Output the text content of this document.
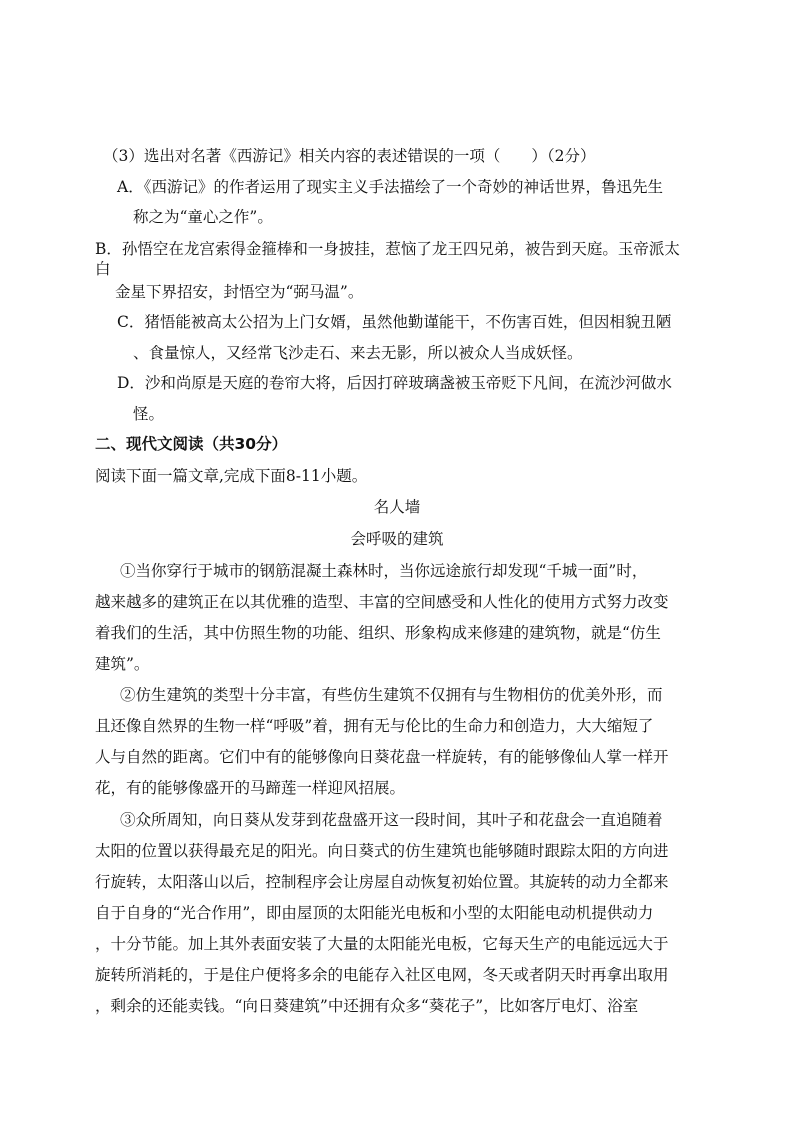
（3）选出对名著《西游记》相关内容的表述错误的一项（　　）（2分）
A．《西游记》的作者运用了现实主义手法描绘了一个奇妙的神话世界，鲁迅先生
称之为“童心之作”。
B．孙悟空在龙宫索得金箍棒和一身披挂，惹恼了龙王四兄弟，被告到天庭。玉帝派太
白
金星下界招安，封悟空为“弼马温”。
C．猪悟能被高太公招为上门女婿，虽然他勤谨能干，不伤害百姓，但因相貌丑陋
、食量惊人，又经常飞沙走石、来去无影，所以被众人当成妖怪。
D．沙和尚原是天庭的卷帘大将，后因打碎玻璃盏被玉帝贬下凡间，在流沙河做水
怪。
二、现代文阅读（共30分）
阅读下面一篇文章,完成下面8-11小题。
名人墙
会呼吸的建筑
①当你穿行于城市的钢筋混凝土森林时，当你远途旅行却发现“千城一面”时，
越来越多的建筑正在以其优雅的造型、丰富的空间感受和人性化的使用方式努力改变
着我们的生活，其中仿照生物的功能、组织、形象构成来修建的建筑物，就是“仿生
建筑”。
②仿生建筑的类型十分丰富，有些仿生建筑不仅拥有与生物相仿的优美外形，而
且还像自然界的生物一样“呼吸”着，拥有无与伦比的生命力和创造力，大大缩短了
人与自然的距离。它们中有的能够像向日葵花盘一样旋转，有的能够像仙人掌一样开
花，有的能够像盛开的马蹄莲一样迎风招展。
③众所周知，向日葵从发芽到花盘盛开这一段时间，其叶子和花盘会一直追随着
太阳的位置以获得最充足的阳光。向日葵式的仿生建筑也能够随时跟踪太阳的方向进
行旋转，太阳落山以后，控制程序会让房屋自动恢复初始位置。其旋转的动力全都来
自于自身的“光合作用”，即由屋顶的太阳能光电板和小型的太阳能电动机提供动力
，十分节能。加上其外表面安装了大量的太阳能光电板，它每天生产的电能远远大于
旋转所消耗的，于是住户便将多余的电能存入社区电网，冬天或者阴天时再拿出取用
，剩余的还能卖钱。“向日葵建筑”中还拥有众多“葵花子”，比如客厅电灯、浴室
